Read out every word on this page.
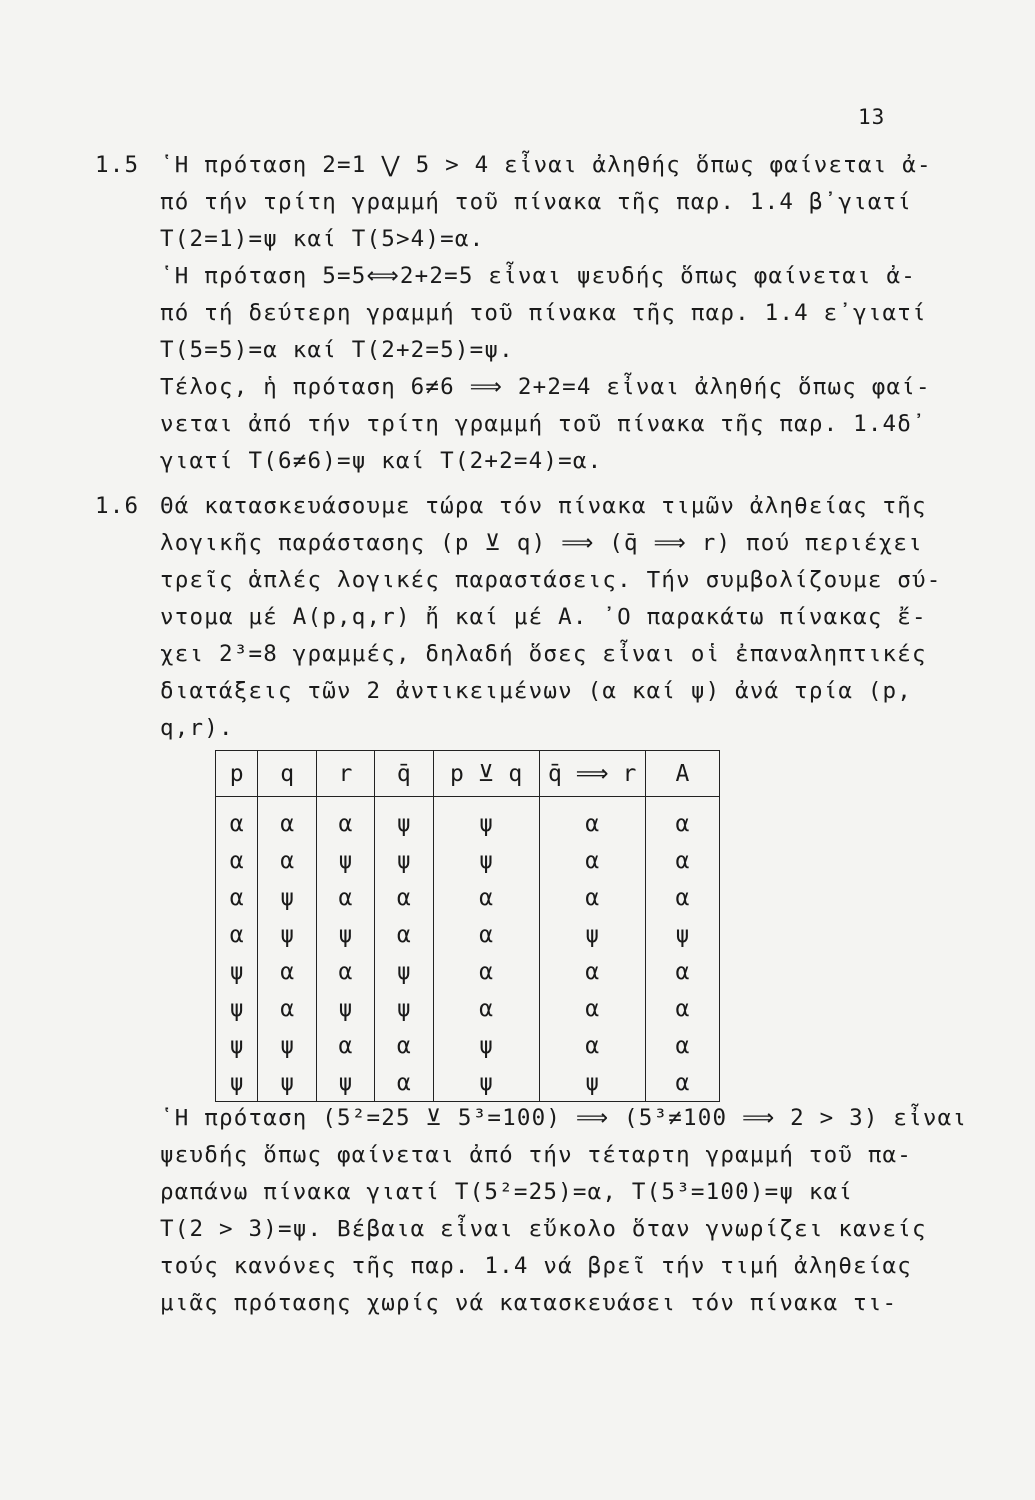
13
1.5 ῾Η πρόταση 2=1 ⋁ 5 > 4 εἶναι ἀληθής ὅπως φαίνεται ἀ-
πό τήν τρίτη γραμμή τοῦ πίνακα τῆς παρ. 1.4 β᾿γιατί
T(2=1)=ψ καί T(5>4)=α.
῾Η πρόταση 5=5⟺2+2=5 εἶναι ψευδής ὅπως φαίνεται ἀ-
πό τή δεύτερη γραμμή τοῦ πίνακα τῆς παρ. 1.4 ε᾿γιατί
T(5=5)=α καί T(2+2=5)=ψ.
Τέλος, ἡ πρόταση 6≠6 ⟹ 2+2=4 εἶναι ἀληθής ὅπως φαί-
νεται ἀπό τήν τρίτη γραμμή τοῦ πίνακα τῆς παρ. 1.4δ᾿
γιατί T(6≠6)=ψ καί T(2+2=4)=α.
1.6 Θά κατασκευάσουμε τώρα τόν πίνακα τιμῶν ἀληθείας τῆς
λογικῆς παράστασης (p ⊻ q) ⟹ (q̄ ⟹ r) πού περιέχει
τρεῖς ἁπλές λογικές παραστάσεις. Τήν συμβολίζουμε σύ-
ντομα μέ A(p,q,r) ἤ καί μέ A. ᾿Ο παρακάτω πίνακας ἔ-
χει 2³=8 γραμμές, δηλαδή ὅσες εἶναι οἱ ἐπαναληπτικές
διατάξεις τῶν 2 ἀντικειμένων (α καί ψ) ἀνά τρία (p,
q,r).
p	q	r	q̄	p ⊻ q	q̄ ⟹ r	A
α	α	α	ψ	ψ	α	α
α	α	ψ	ψ	ψ	α	α
α	ψ	α	α	α	α	α
α	ψ	ψ	α	α	ψ	ψ
ψ	α	α	ψ	α	α	α
ψ	α	ψ	ψ	α	α	α
ψ	ψ	α	α	ψ	α	α
ψ	ψ	ψ	α	ψ	ψ	α
῾Η πρόταση (5²=25 ⊻ 5³=100) ⟹ (5³≠100 ⟹ 2 > 3) εἶναι
ψευδής ὅπως φαίνεται ἀπό τήν τέταρτη γραμμή τοῦ πα-
ραπάνω πίνακα γιατί T(5²=25)=α, T(5³=100)=ψ καί
T(2 > 3)=ψ. Βέβαια εἶναι εὔκολο ὅταν γνωρίζει κανείς
τούς κανόνες τῆς παρ. 1.4 νά βρεῖ τήν τιμή ἀληθείας
μιᾶς πρότασης χωρίς νά κατασκευάσει τόν πίνακα τι-
